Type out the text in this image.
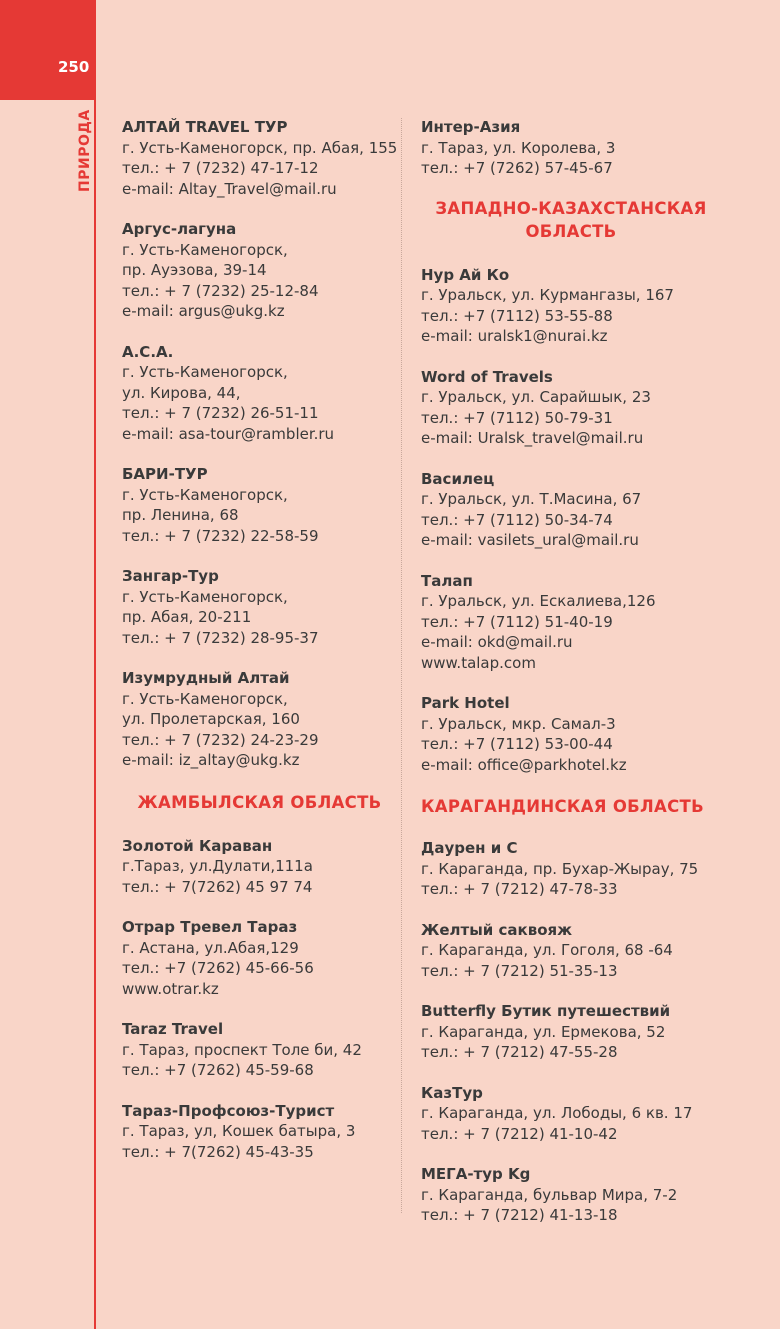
250
ПРИРОДА АЛТАЙ TRAVEL ТУР
г. Усть-Каменогорск, пр. Абая, 155
тел.: + 7 (7232) 47-17-12
e-mail: Altay_Travel@mail.ru
Аргус-лагуна
г. Усть-Каменогорск,
пр. Ауэзова, 39-14
тел.: + 7 (7232) 25-12-84
e-mail: argus@ukg.kz
А.С.А.
г. Усть-Каменогорск,
ул. Кирова, 44,
тел.: + 7 (7232) 26-51-11
e-mail: asa-tour@rambler.ru
БАРИ-ТУР
г. Усть-Каменогорск,
пр. Ленина, 68
тел.: + 7 (7232) 22-58-59
Зангар-Тур
г. Усть-Каменогорск,
пр. Абая, 20-211
тел.: + 7 (7232) 28-95-37
Изумрудный Алтай
г. Усть-Каменогорск,
ул. Пролетарская, 160
тел.: + 7 (7232) 24-23-29
e-mail: iz_altay@ukg.kz
ЖАМБЫЛСКАЯ ОБЛАСТЬ
Золотой Караван
г.Тараз, ул.Дулати,111а
тел.: + 7(7262) 45 97 74
Отрар Тревел Тараз
г. Астана, ул.Абая,129
тел.: +7 (7262) 45-66-56
www.otrar.kz
Taraz Travel
г. Тараз, проспект Толе би, 42
тел.: +7 (7262) 45-59-68
Тараз-Профсоюз-Турист
г. Тараз, ул, Кошек батыра, 3
тел.: + 7(7262) 45-43-35
Интер-Азия
г. Тараз, ул. Королева, 3
тел.: +7 (7262) 57-45-67
ЗАПАДНО-КАЗАХСТАНСКАЯ
ОБЛАСТЬ
Нур Ай Ко
г. Уральск, ул. Курмангазы, 167
тел.: +7 (7112) 53-55-88
e-mail: uralsk1@nurai.kz
Word of Travels
г. Уральск, ул. Сарайшык, 23
тел.: +7 (7112) 50-79-31
e-mail: Uralsk_travel@mail.ru
Василец
г. Уральск, ул. Т.Масина, 67
тел.: +7 (7112) 50-34-74
e-mail: vasilets_ural@mail.ru
Талап
г. Уральск, ул. Ескалиева,126
тел.: +7 (7112) 51-40-19
e-mail: okd@mail.ru
www.talap.com
Park Hotel
г. Уральск, мкр. Самал-3
тел.: +7 (7112) 53-00-44
e-mail: office@parkhotel.kz
КАРАГАНДИНСКАЯ ОБЛАСТЬ
Даурен и С
г. Караганда, пр. Бухар-Жырау, 75
тел.: + 7 (7212) 47-78-33
Желтый саквояж
г. Караганда, ул. Гоголя, 68 -64
тел.: + 7 (7212) 51-35-13
Butterfly Бутик путешествий
г. Караганда, ул. Ермекова, 52
тел.: + 7 (7212) 47-55-28
КазТур
г. Караганда, ул. Лободы, 6 кв. 17
тел.: + 7 (7212) 41-10-42
МЕГА-тур Kg
г. Караганда, бульвар Мира, 7-2
тел.: + 7 (7212) 41-13-18
